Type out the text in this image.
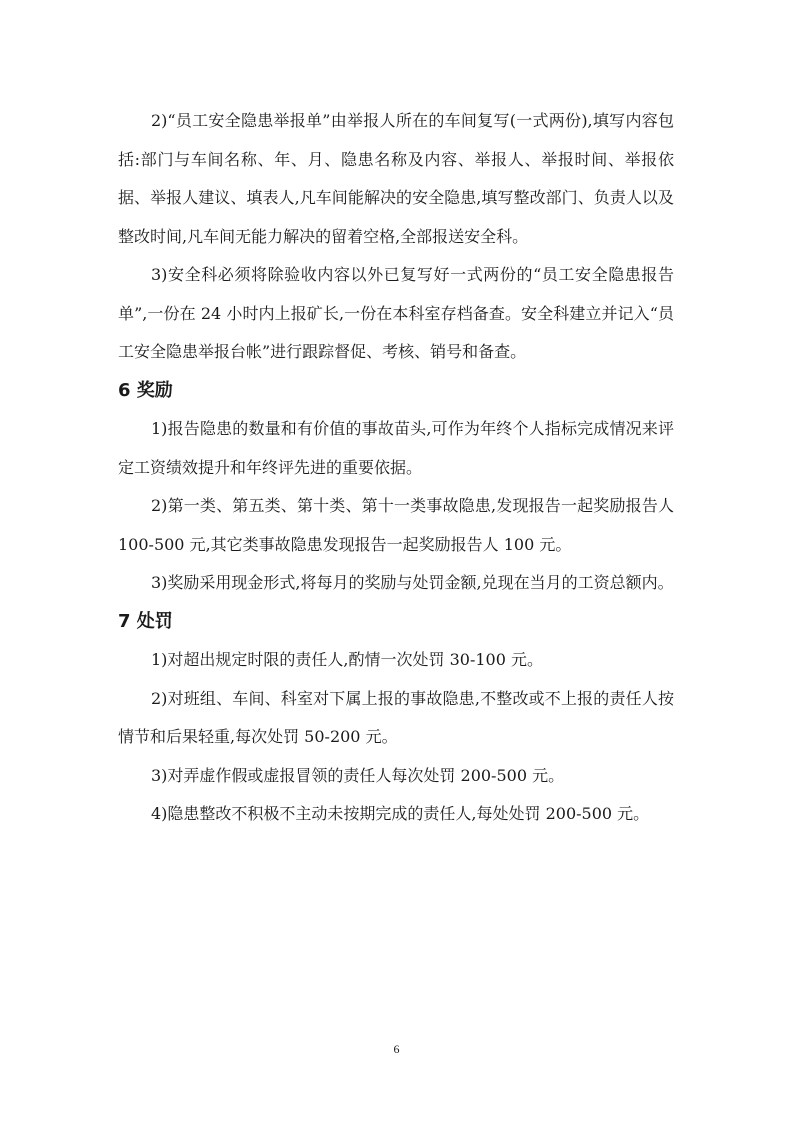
2)“员工安全隐患举报单”由举报人所在的车间复写(一式两份),填写内容包括:部门与车间名称、年、月、隐患名称及内容、举报人、举报时间、举报依据、举报人建议、填表人,凡车间能解决的安全隐患,填写整改部门、负责人以及整改时间,凡车间无能力解决的留着空格,全部报送安全科。

3)安全科必须将除验收内容以外已复写好一式两份的“员工安全隐患报告单”,一份在 24 小时内上报矿长,一份在本科室存档备查。安全科建立并记入“员工安全隐患举报台帐”进行跟踪督促、考核、销号和备查。

6 奖励

1)报告隐患的数量和有价值的事故苗头,可作为年终个人指标完成情况来评定工资绩效提升和年终评先进的重要依据。

2)第一类、第五类、第十类、第十一类事故隐患,发现报告一起奖励报告人 100-500 元,其它类事故隐患发现报告一起奖励报告人 100 元。

3)奖励采用现金形式,将每月的奖励与处罚金额,兑现在当月的工资总额内。

7 处罚

1)对超出规定时限的责任人,酌情一次处罚 30-100 元。

2)对班组、车间、科室对下属上报的事故隐患,不整改或不上报的责任人按情节和后果轻重,每次处罚 50-200 元。

3)对弄虚作假或虚报冒领的责任人每次处罚 200-500 元。

4)隐患整改不积极不主动未按期完成的责任人,每处处罚 200-500 元。

6
